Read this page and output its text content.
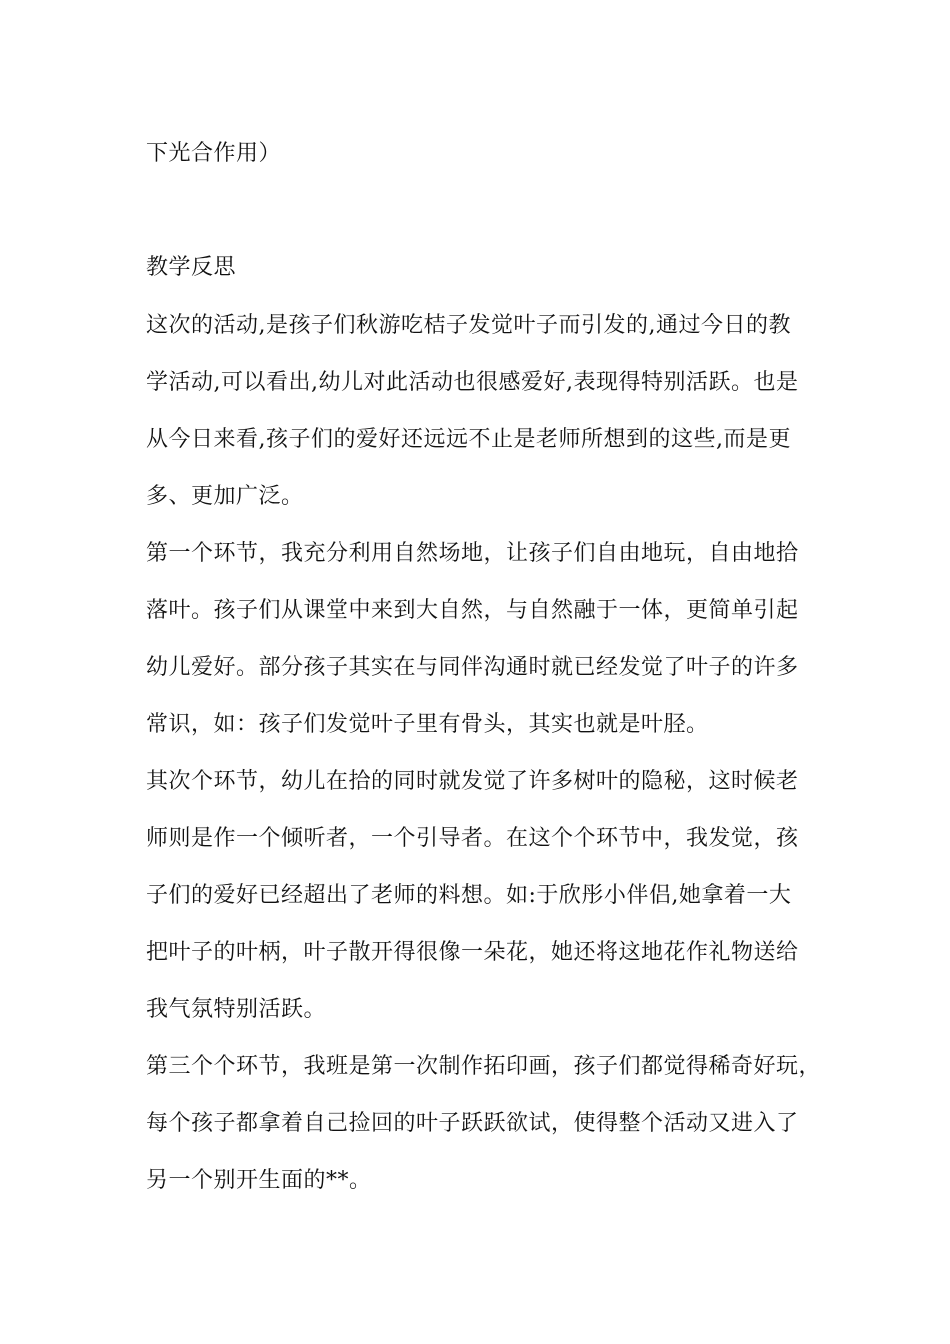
下光合作用）
教学反思
这次的活动,是孩子们秋游吃桔子发觉叶子而引发的,通过今日的教
学活动,可以看出,幼儿对此活动也很感爱好,表现得特别活跃。也是
从今日来看,孩子们的爱好还远远不止是老师所想到的这些,而是更
多、更加广泛。
第一个环节，我充分利用自然场地，让孩子们自由地玩，自由地拾
落叶。孩子们从课堂中来到大自然，与自然融于一体，更简单引起
幼儿爱好。部分孩子其实在与同伴沟通时就已经发觉了叶子的许多
常识，如：孩子们发觉叶子里有骨头，其实也就是叶胫。
其次个环节，幼儿在拾的同时就发觉了许多树叶的隐秘，这时候老
师则是作一个倾听者，一个引导者。在这个个环节中，我发觉，孩
子们的爱好已经超出了老师的料想。如:于欣彤小伴侣,她拿着一大
把叶子的叶柄，叶子散开得很像一朵花，她还将这地花作礼物送给
我气氛特别活跃。
第三个个环节，我班是第一次制作拓印画，孩子们都觉得稀奇好玩，
每个孩子都拿着自己捡回的叶子跃跃欲试，使得整个活动又进入了
另一个别开生面的**。
